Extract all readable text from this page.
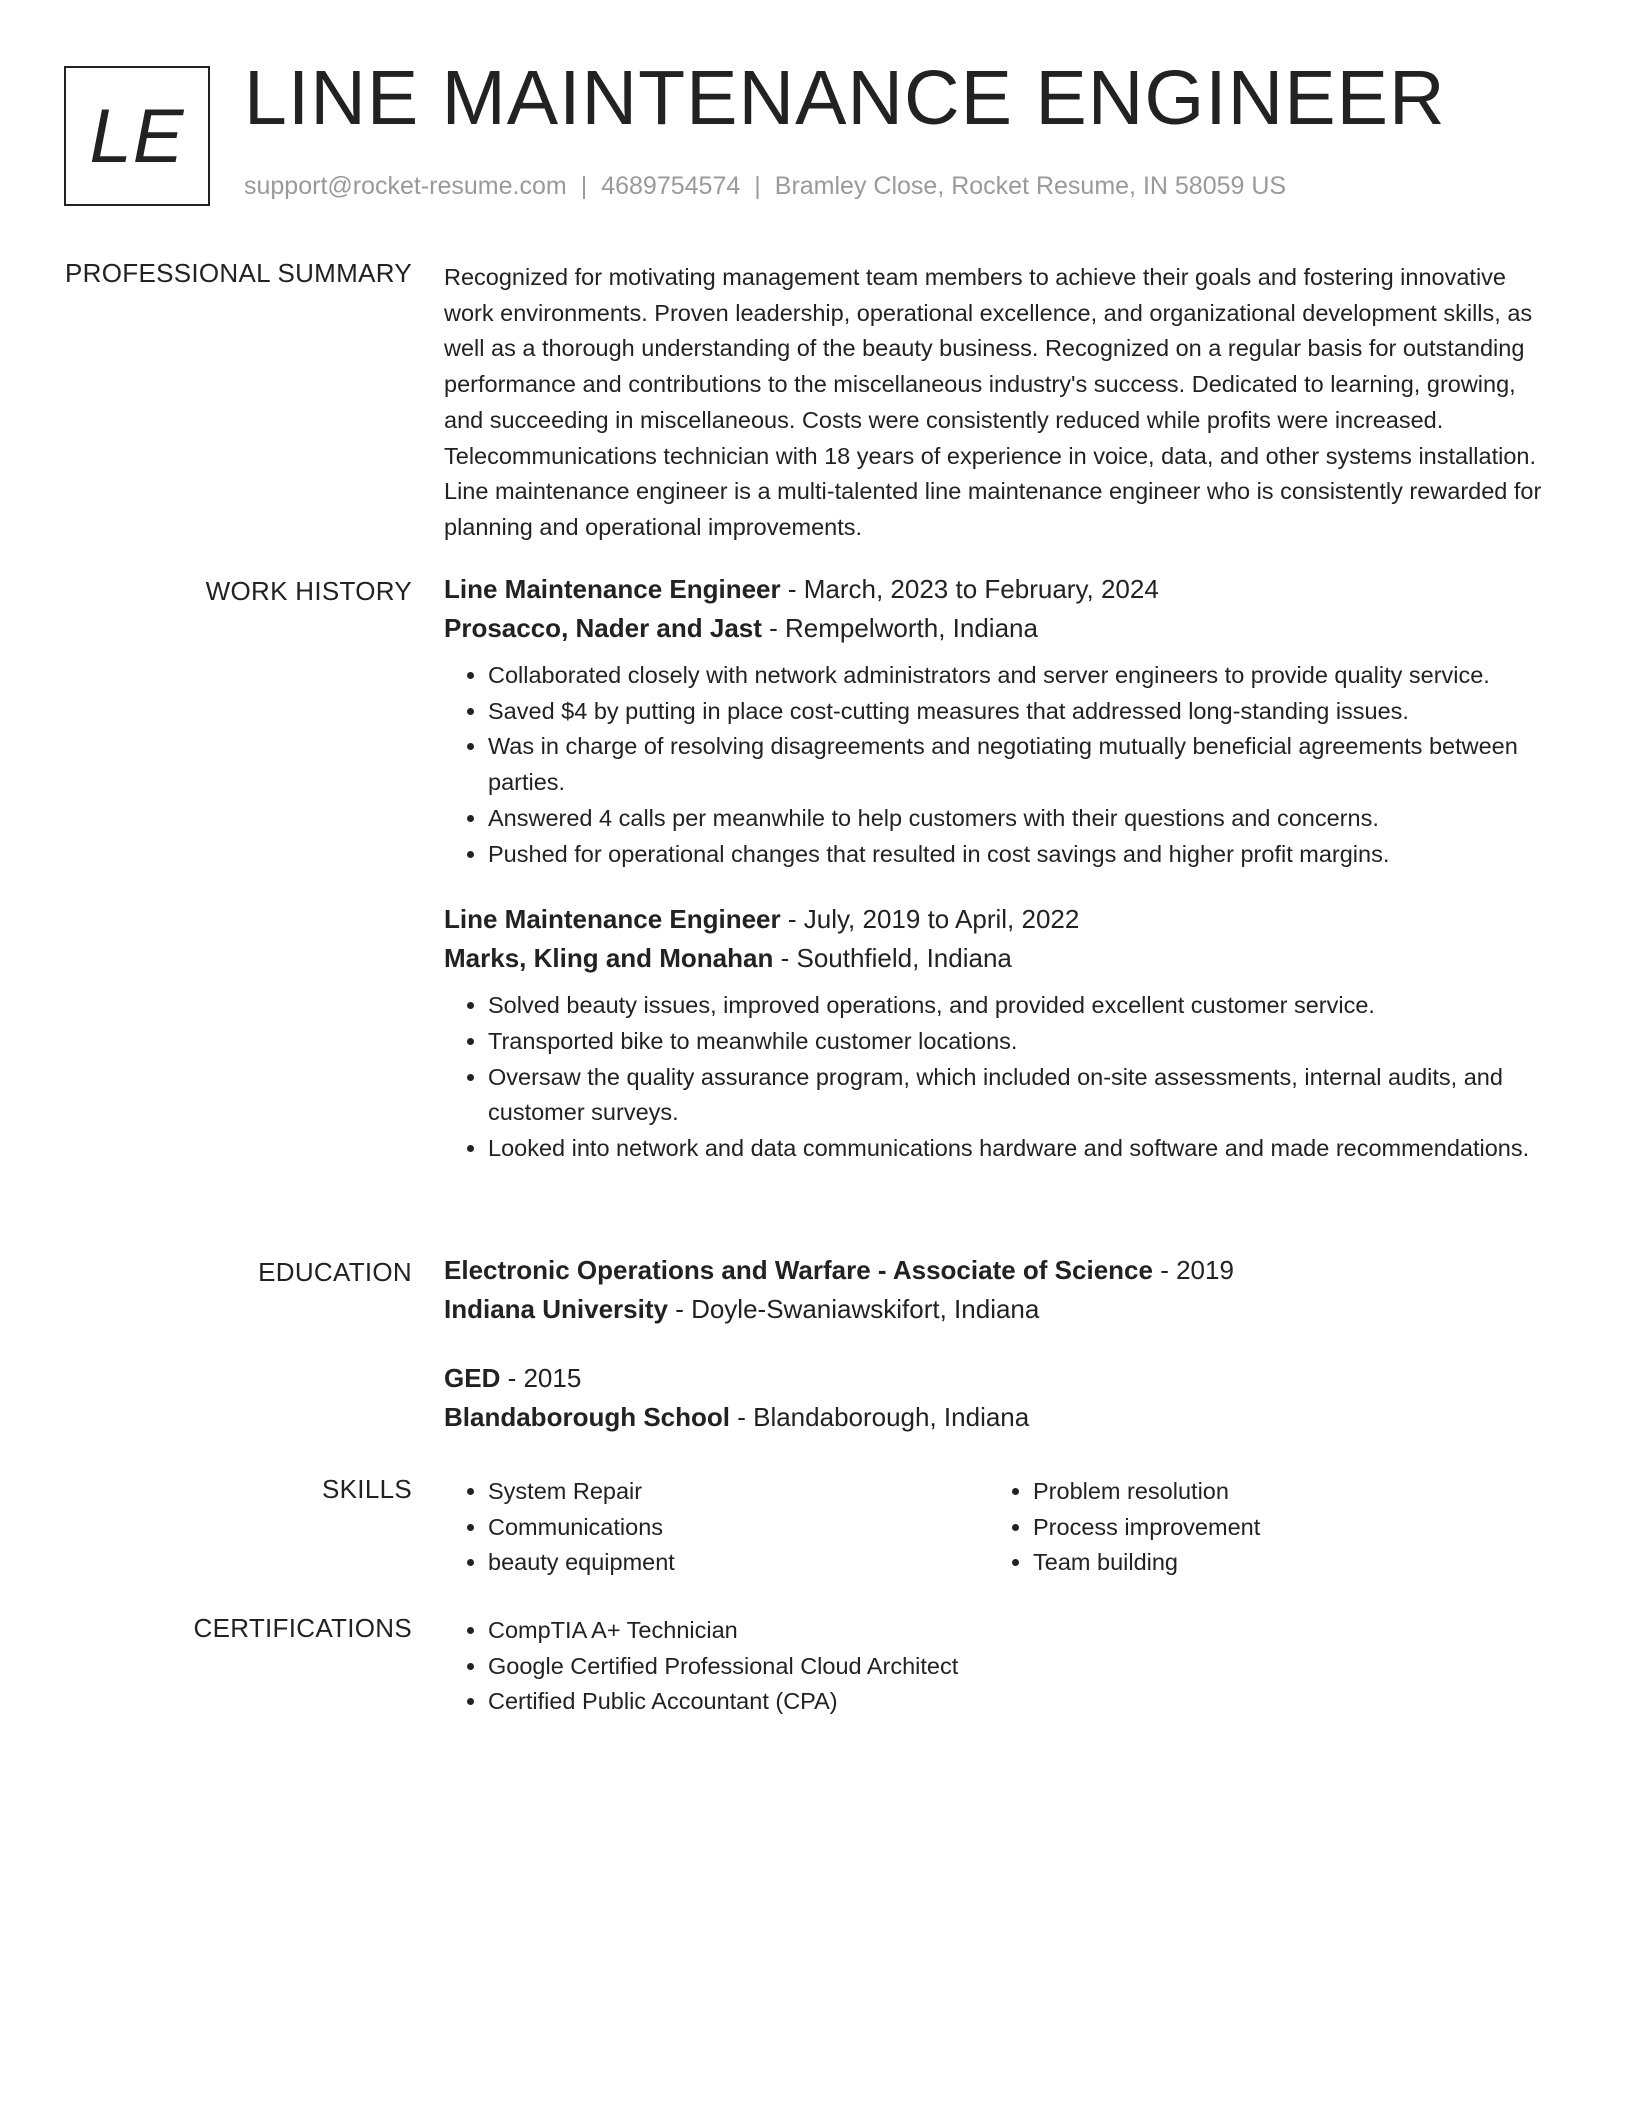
LE LINE MAINTENANCE ENGINEER
support@rocket-resume.com | 4689754574 | Bramley Close, Rocket Resume, IN 58059 US
PROFESSIONAL SUMMARY Recognized for motivating management team members to achieve their goals and fostering innovative work environments. Proven leadership, operational excellence, and organizational development skills, as well as a thorough understanding of the beauty business. Recognized on a regular basis for outstanding performance and contributions to the miscellaneous industry's success. Dedicated to learning, growing, and succeeding in miscellaneous. Costs were consistently reduced while profits were increased. Telecommunications technician with 18 years of experience in voice, data, and other systems installation. Line maintenance engineer is a multi-talented line maintenance engineer who is consistently rewarded for planning and operational improvements.

WORK HISTORY Line Maintenance Engineer - March, 2023 to February, 2024
Prosacco, Nader and Jast - Rempelworth, Indiana
• Collaborated closely with network administrators and server engineers to provide quality service.
• Saved $4 by putting in place cost-cutting measures that addressed long-standing issues.
• Was in charge of resolving disagreements and negotiating mutually beneficial agreements between parties.
• Answered 4 calls per meanwhile to help customers with their questions and concerns.
• Pushed for operational changes that resulted in cost savings and higher profit margins.
Line Maintenance Engineer - July, 2019 to April, 2022
Marks, Kling and Monahan - Southfield, Indiana
• Solved beauty issues, improved operations, and provided excellent customer service.
• Transported bike to meanwhile customer locations.
• Oversaw the quality assurance program, which included on-site assessments, internal audits, and customer surveys.
• Looked into network and data communications hardware and software and made recommendations.
EDUCATION Electronic Operations and Warfare - Associate of Science - 2019
Indiana University - Doyle-Swaniawskifort, Indiana
GED - 2015
Blandaborough School - Blandaborough, Indiana
SKILLS	• System Repair
• Communications
• beauty equipment
• Problem resolution
• Process improvement
• Team building
CERTIFICATIONS	• CompTIA A+ Technician
• Google Certified Professional Cloud Architect
• Certified Public Accountant (CPA)
